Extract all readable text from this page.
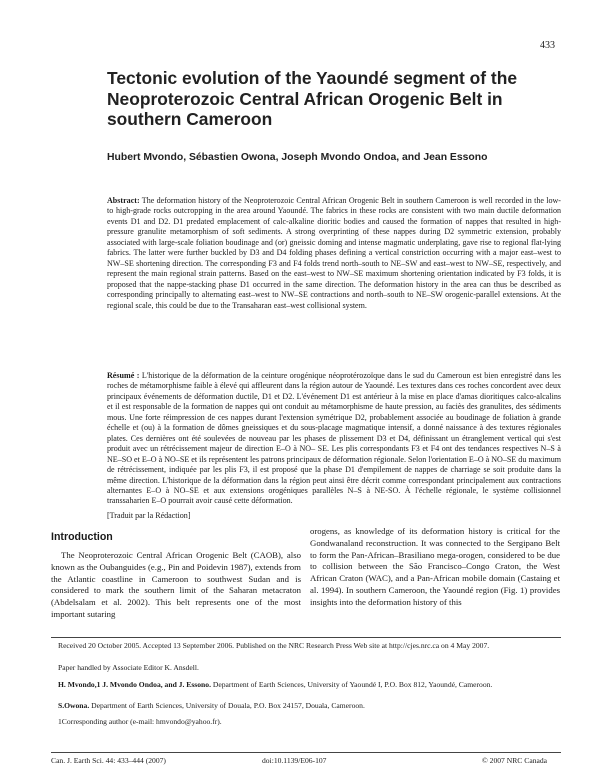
433
Tectonic evolution of the Yaoundé segment of the Neoproterozoic Central African Orogenic Belt in southern Cameroon
Hubert Mvondo, Sébastien Owona, Joseph Mvondo Ondoa, and Jean Essono
Abstract: The deformation history of the Neoproterozoic Central African Orogenic Belt in southern Cameroon is well recorded in the low- to high-grade rocks outcropping in the area around Yaoundé. The fabrics in these rocks are consistent with two main ductile deformation events D1 and D2. D1 predated emplacement of calc-alkaline dioritic bodies and caused the formation of nappes that resulted in high-pressure granulite metamorphism of soft sediments. A strong overprinting of these nappes during D2 symmetric extension, probably associated with large-scale foliation boudinage and (or) gneissic doming and intense magmatic underplating, gave rise to regional flat-lying fabrics. The latter were further buckled by D3 and D4 folding phases defining a vertical constriction occurring with a major east–west to NW–SE shortening direction. The corresponding F3 and F4 folds trend north–south to NE–SW and east–west to NW–SE, respectively, and represent the main regional strain patterns. Based on the east–west to NW–SE maximum shortening orientation indicated by F3 folds, it is proposed that the nappe-stacking phase D1 occurred in the same direction. The deformation history in the area can thus be described as corresponding principally to alternating east–west to NW–SE contractions and north–south to NE–SW orogenic-parallel extensions. At the regional scale, this could be due to the Transaharan east–west collisional system.
Résumé : L'historique de la déformation de la ceinture orogénique néoprotérozoïque dans le sud du Cameroun est bien enregistré dans les roches de métamorphisme faible à élevé qui affleurent dans la région autour de Yaoundé. Les textures dans ces roches concordent avec deux principaux événements de déformation ductile, D1 et D2. L'événement D1 est antérieur à la mise en place d'amas dioritiques calco-alcalins et il est responsable de la formation de nappes qui ont conduit au métamorphisme de haute pression, au faciès des granulites, des sédiments mous. Une forte réimpression de ces nappes durant l'extension symétrique D2, probablement associée au boudinage de foliation à grande échelle et (ou) à la formation de dômes gneissiques et du sous-placage magmatique intensif, a donné naissance à des textures régionales plates. Ces dernières ont été soulevées de nouveau par les phases de plissement D3 et D4, définissant un étranglement vertical qui s'est produit avec un rétrécissement majeur de direction E–O à NO– SE. Les plis correspondants F3 et F4 ont des tendances respectives N–S à NE–SO et E–O à NO–SE et ils représentent les patrons principaux de déformation régionale. Selon l'orientation E–O à NO–SE du maximum de rétrécissement, indiquée par les plis F3, il est proposé que la phase D1 d'empilement de nappes de charriage se soit produite dans la même direction. L'historique de la déformation dans la région peut ainsi être décrit comme correspondant principalement aux contractions alternantes E–O à NO–SE et aux extensions orogéniques parallèles N–S à NE-SO. À l'échelle régionale, le système collisionnel transsaharien E–O pourrait avoir causé cette déformation.
[Traduit par la Rédaction]
Introduction
The Neoproterozoic Central African Orogenic Belt (CAOB), also known as the Oubanguides (e.g., Pin and Poidevin 1987), extends from the Atlantic coastline in Cameroon to southwest Sudan and is considered to mark the southern limit of the Saharan metacraton (Abdelsalam et al. 2002). This belt represents one of the most important sutaring
orogens, as knowledge of its deformation history is critical for the Gondwanaland reconstruction. It was connected to the Sergipano Belt to form the Pan-African–Brasiliano mega-orogen, considered to be due to collision between the São Francisco–Congo Craton, the West African Craton (WAC), and a Pan-African mobile domain (Castaing et al. 1994). In southern Cameroon, the Yaoundé region (Fig. 1) provides insights into the deformation history of this
Received 20 October 2005. Accepted 13 September 2006. Published on the NRC Research Press Web site at http://cjes.nrc.ca on 4 May 2007.
Paper handled by Associate Editor K. Ansdell.
H. Mvondo,1 J. Mvondo Ondoa, and J. Essono. Department of Earth Sciences, University of Yaoundé I, P.O. Box 812, Yaoundé, Cameroon.
S.Owona. Department of Earth Sciences, University of Douala, P.O. Box 24157, Douala, Cameroon.
1Corresponding author (e-mail: hmvondo@yahoo.fr).
Can. J. Earth Sci. 44: 433–444 (2007)	doi:10.1139/E06-107	© 2007 NRC Canada
